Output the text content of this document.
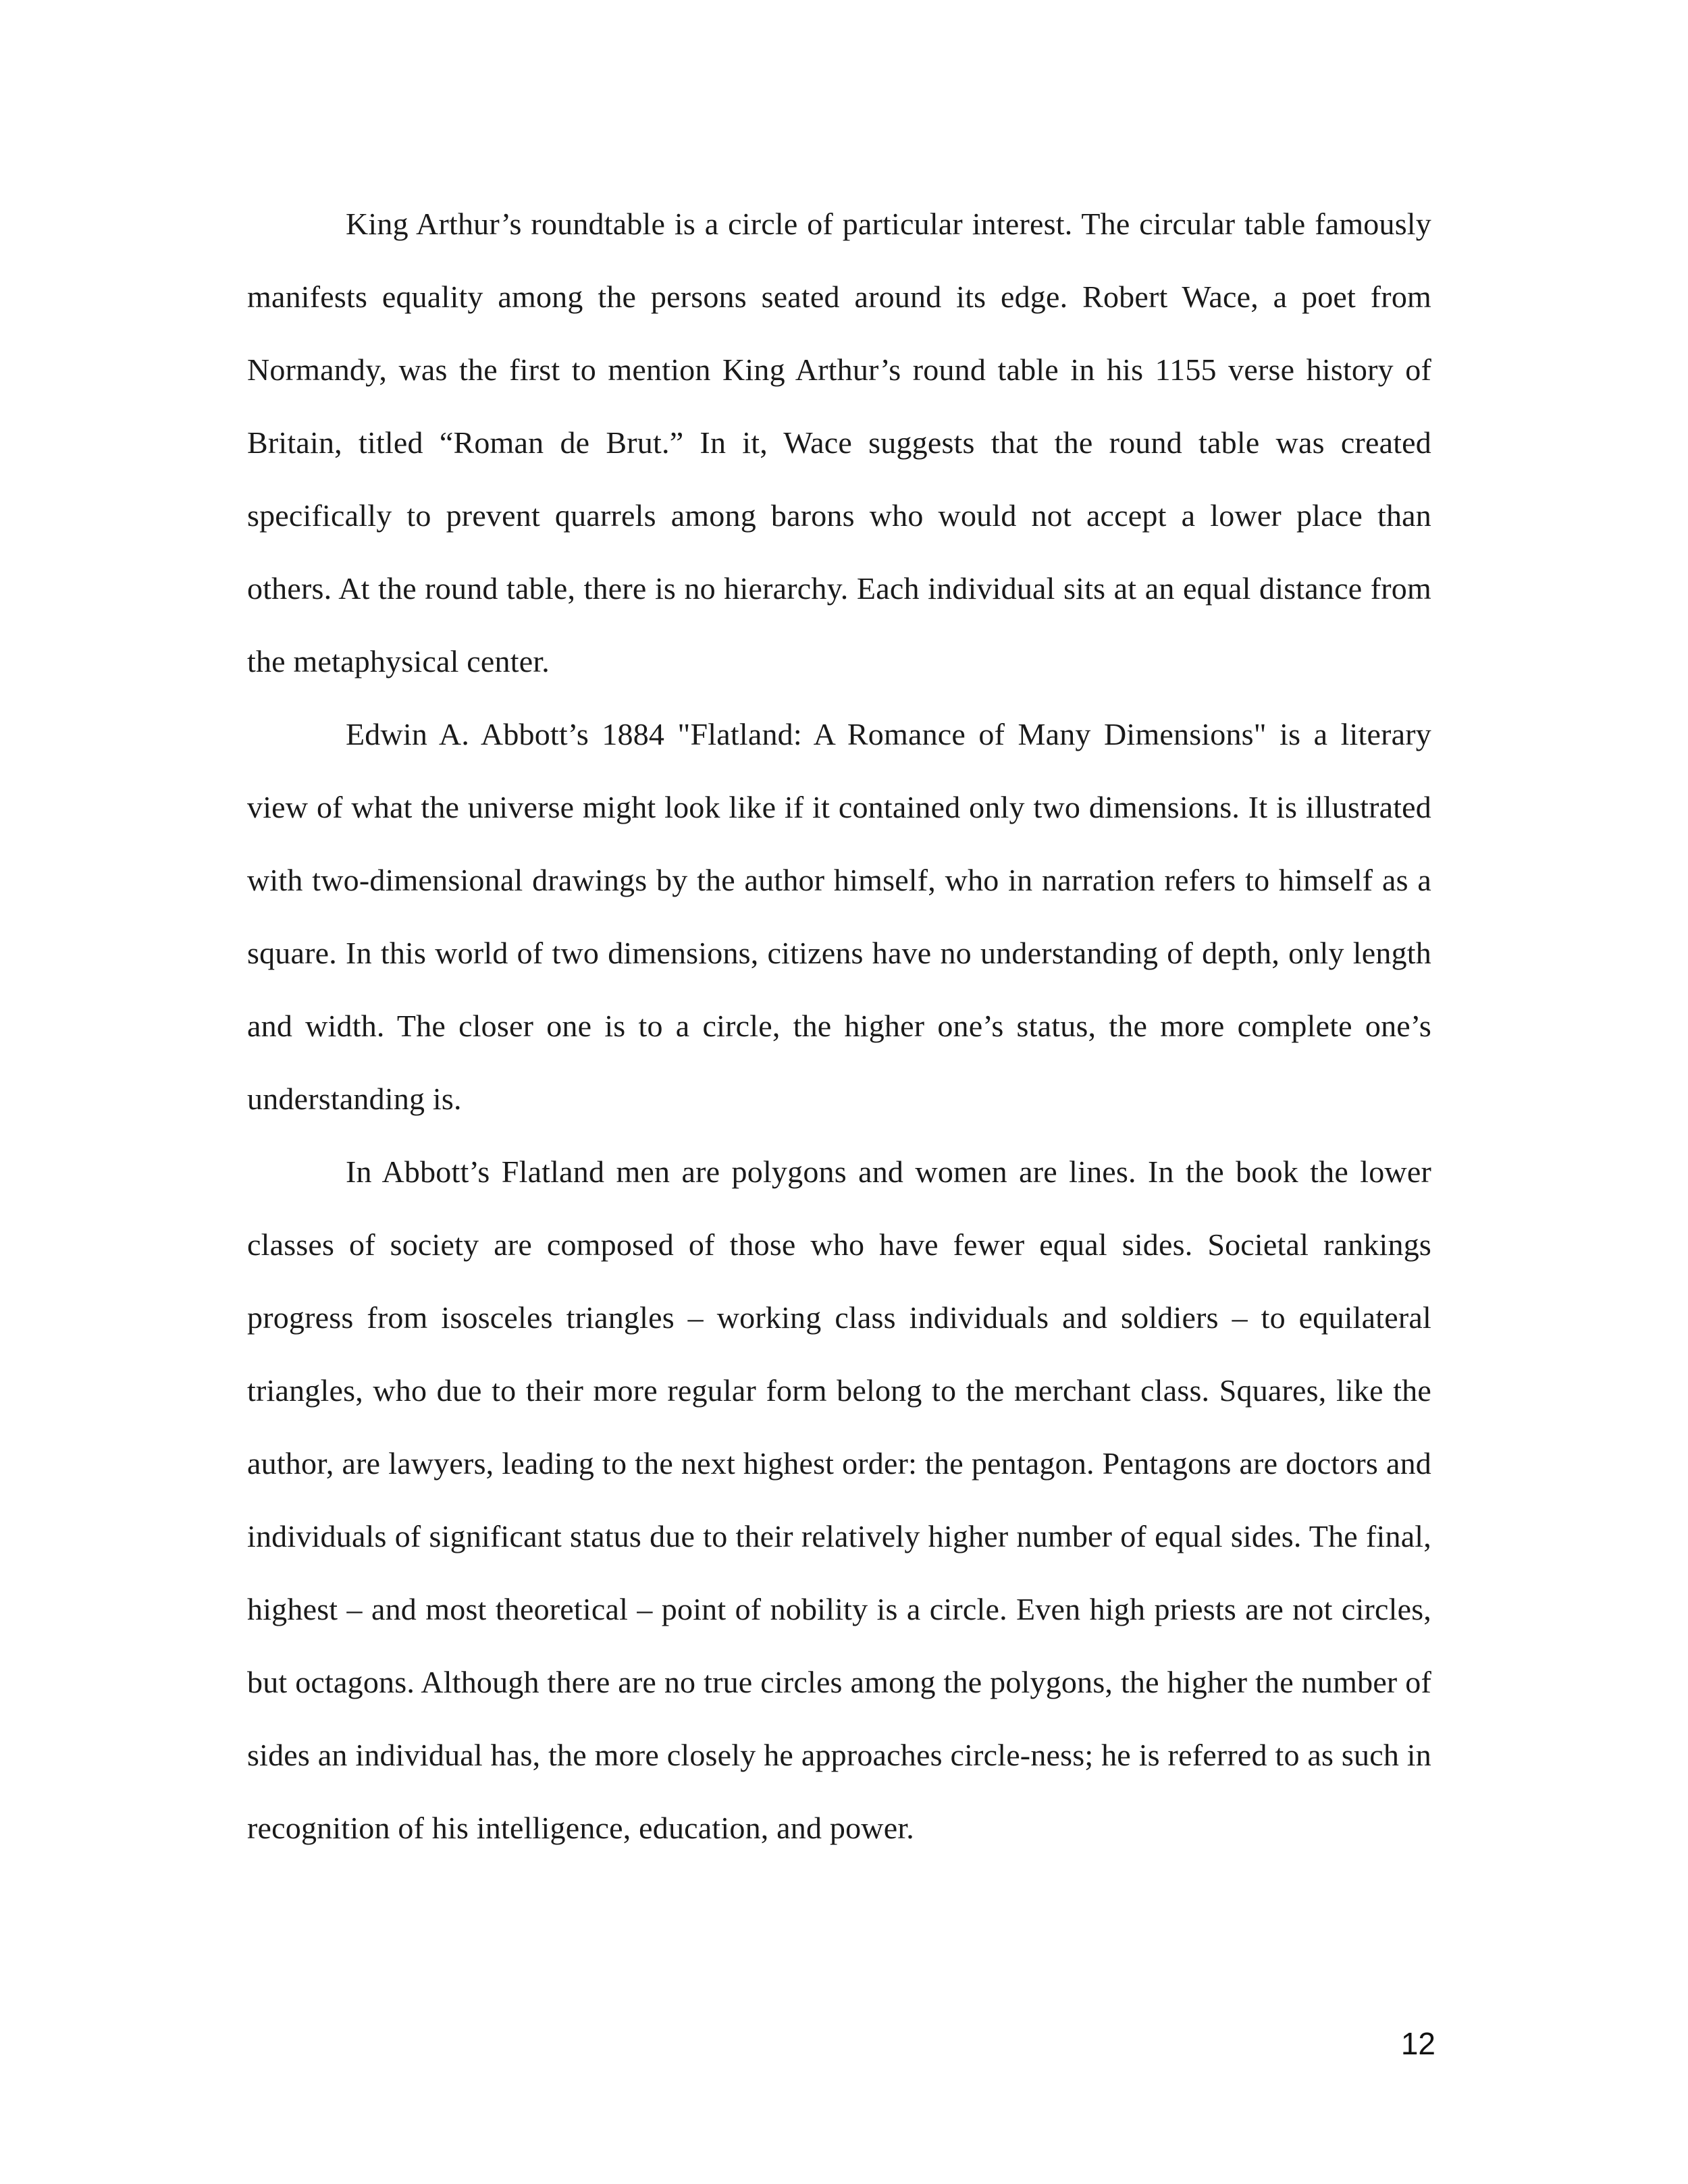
King Arthur’s roundtable is a circle of particular interest. The circular table famously manifests equality among the persons seated around its edge. Robert Wace, a poet from Normandy, was the first to mention King Arthur’s round table in his 1155 verse history of Britain, titled “Roman de Brut.” In it, Wace suggests that the round table was created specifically to prevent quarrels among barons who would not accept a lower place than others. At the round table, there is no hierarchy. Each individual sits at an equal distance from the metaphysical center.

Edwin A. Abbott’s 1884 "Flatland: A Romance of Many Dimensions" is a literary view of what the universe might look like if it contained only two dimensions. It is illustrated with two-dimensional drawings by the author himself, who in narration refers to himself as a square. In this world of two dimensions, citizens have no understanding of depth, only length and width. The closer one is to a circle, the higher one’s status, the more complete one’s understanding is.

In Abbott’s Flatland men are polygons and women are lines. In the book the lower classes of society are composed of those who have fewer equal sides. Societal rankings progress from isosceles triangles – working class individuals and soldiers – to equilateral triangles, who due to their more regular form belong to the merchant class. Squares, like the author, are lawyers, leading to the next highest order: the pentagon. Pentagons are doctors and individuals of significant status due to their relatively higher number of equal sides. The final, highest – and most theoretical – point of nobility is a circle. Even high priests are not circles, but octagons. Although there are no true circles among the polygons, the higher the number of sides an individual has, the more closely he approaches circle-ness; he is referred to as such in recognition of his intelligence, education, and power.

12
